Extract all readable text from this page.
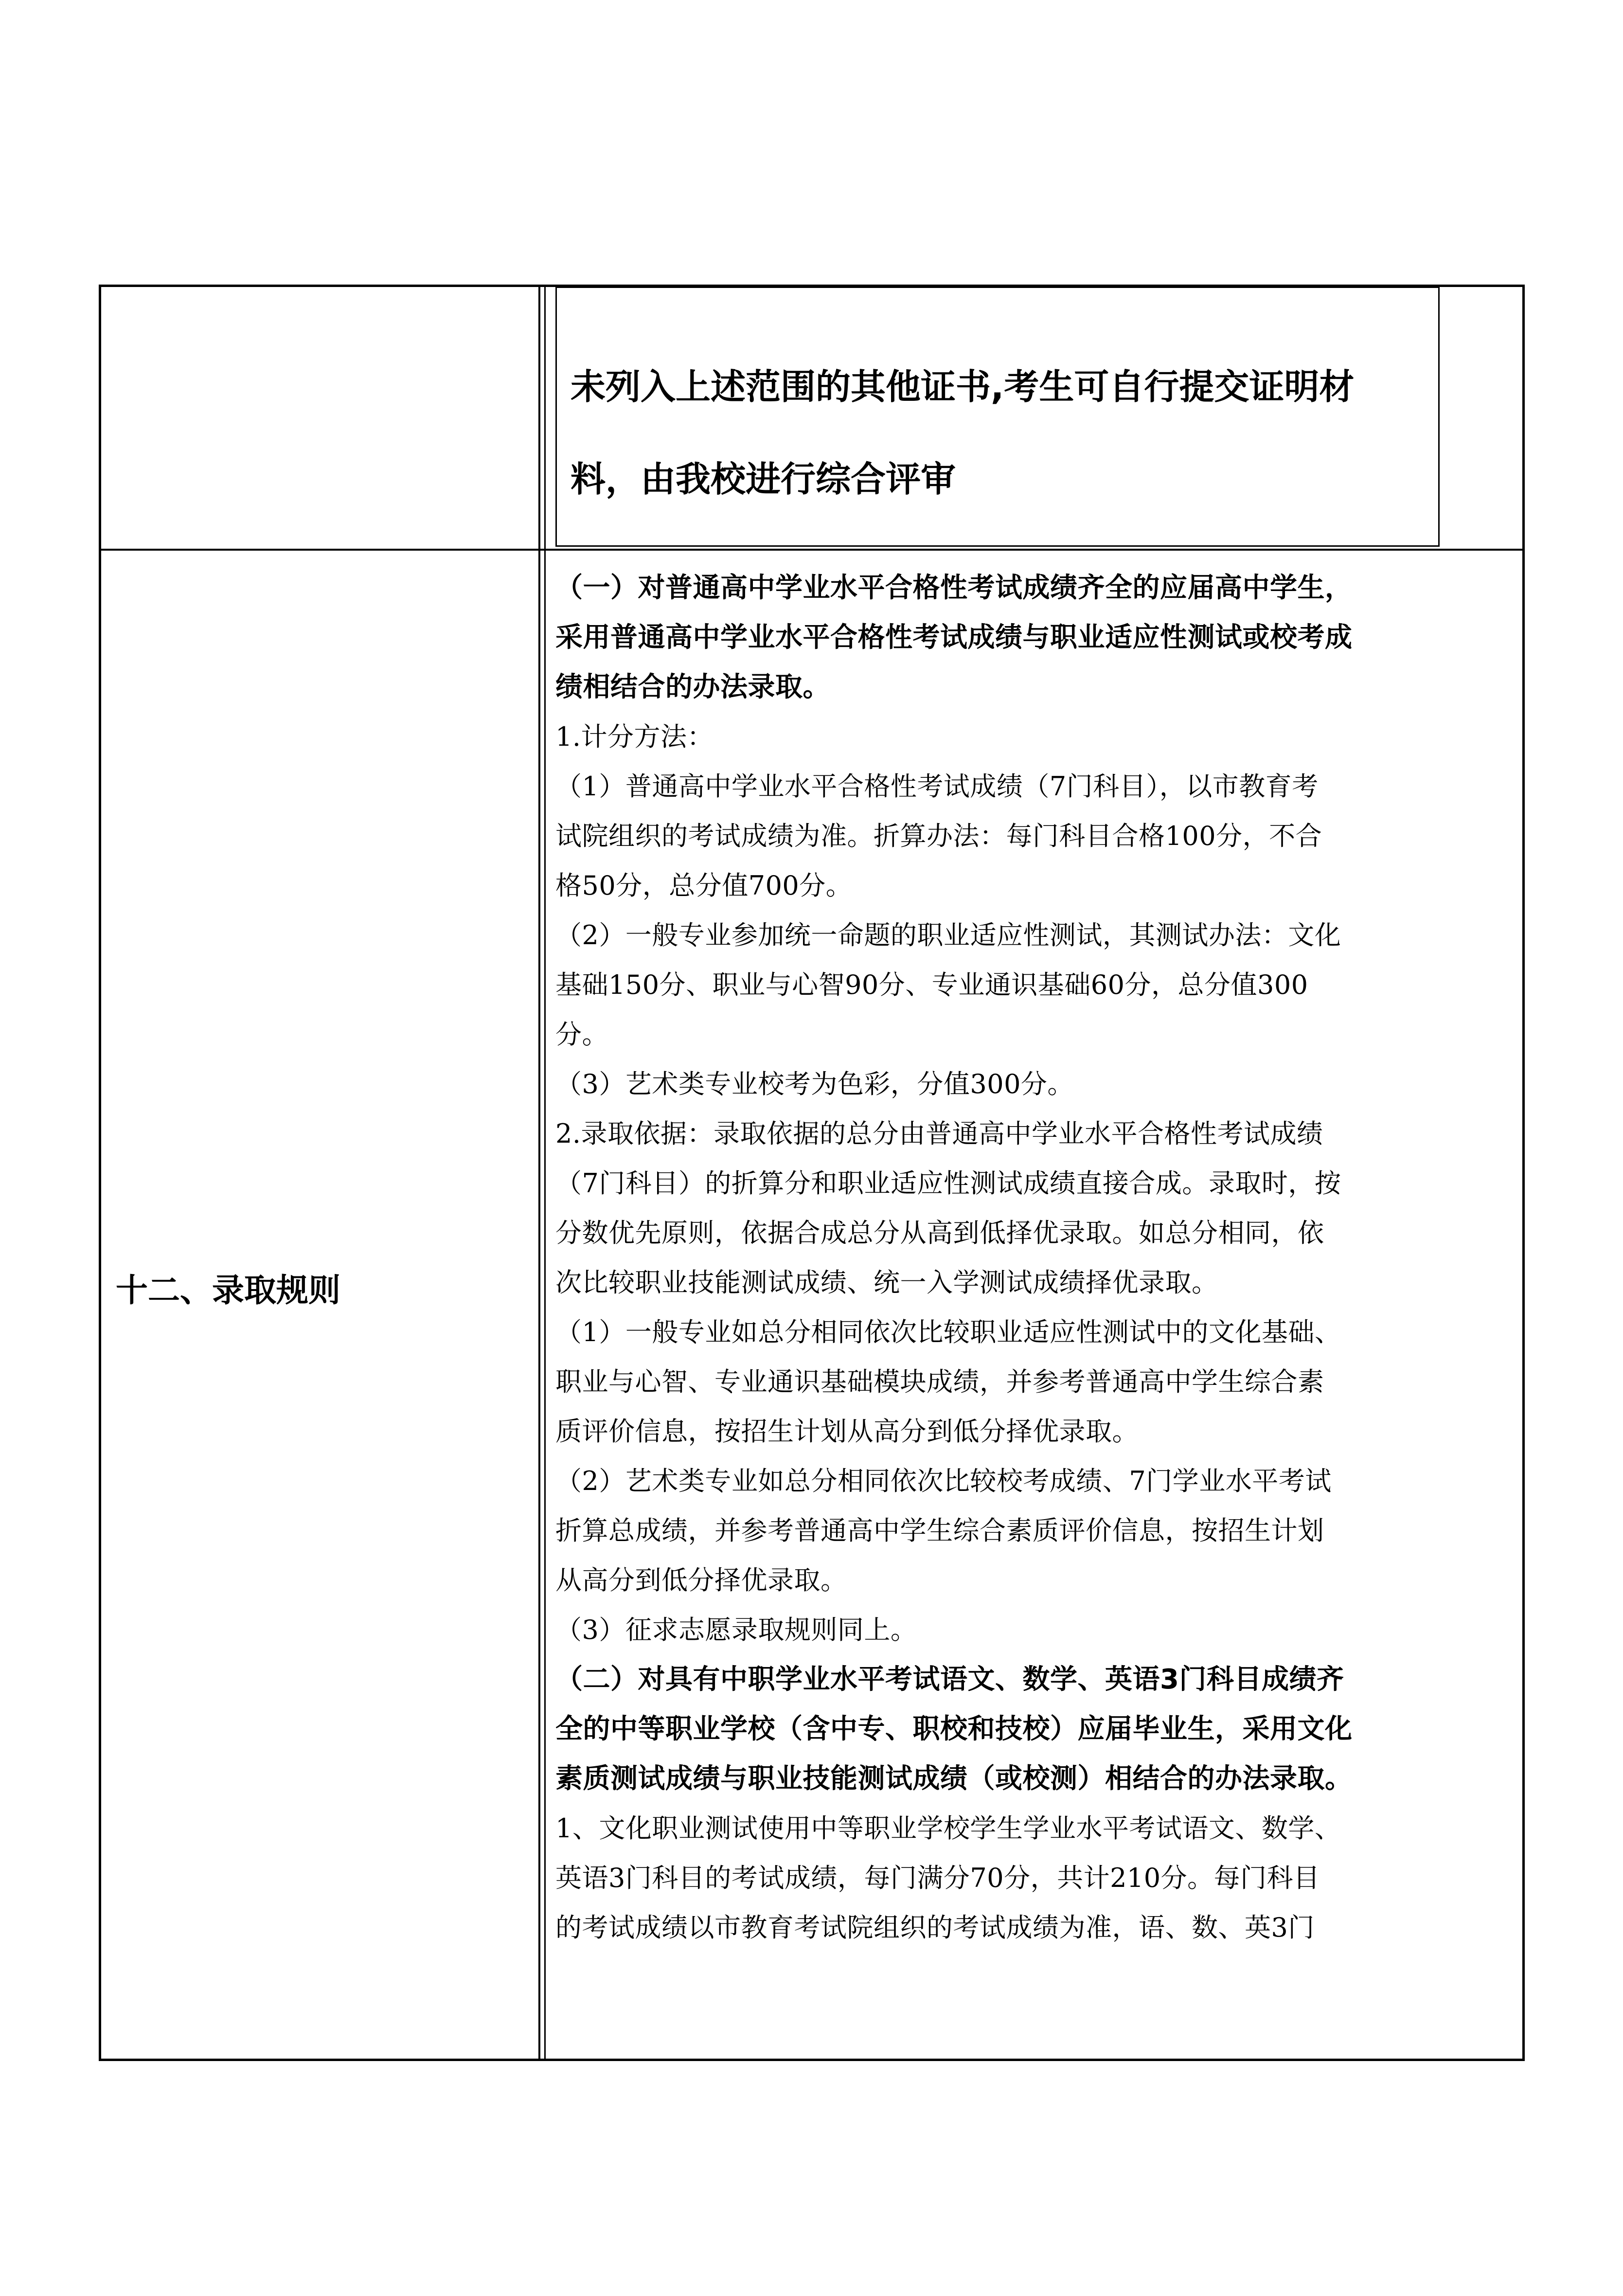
未列入上述范围的其他证书,考生可自行提交证明材

料，由我校进行综合评审

十二、录取规则

（一）对普通高中学业水平合格性考试成绩齐全的应届高中学生，

采用普通高中学业水平合格性考试成绩与职业适应性测试或校考成

绩相结合的办法录取。

1.计分方法：

（1）普通高中学业水平合格性考试成绩（7门科目），以市教育考

试院组织的考试成绩为准。折算办法：每门科目合格100分，不合

格50分，总分值700分。

（2）一般专业参加统一命题的职业适应性测试，其测试办法：文化

基础150分、职业与心智90分、专业通识基础60分，总分值300

分。

（3）艺术类专业校考为色彩，分值300分。

2.录取依据：录取依据的总分由普通高中学业水平合格性考试成绩

（7门科目）的折算分和职业适应性测试成绩直接合成。录取时，按

分数优先原则，依据合成总分从高到低择优录取。如总分相同，依

次比较职业技能测试成绩、统一入学测试成绩择优录取。

（1）一般专业如总分相同依次比较职业适应性测试中的文化基础、

职业与心智、专业通识基础模块成绩，并参考普通高中学生综合素

质评价信息，按招生计划从高分到低分择优录取。

（2）艺术类专业如总分相同依次比较校考成绩、7门学业水平考试

折算总成绩，并参考普通高中学生综合素质评价信息，按招生计划

从高分到低分择优录取。

（3）征求志愿录取规则同上。

（二）对具有中职学业水平考试语文、数学、英语3门科目成绩齐

全的中等职业学校（含中专、职校和技校）应届毕业生，采用文化

素质测试成绩与职业技能测试成绩（或校测）相结合的办法录取。

1、文化职业测试使用中等职业学校学生学业水平考试语文、数学、

英语3门科目的考试成绩，每门满分70分，共计210分。每门科目

的考试成绩以市教育考试院组织的考试成绩为准，语、数、英3门
